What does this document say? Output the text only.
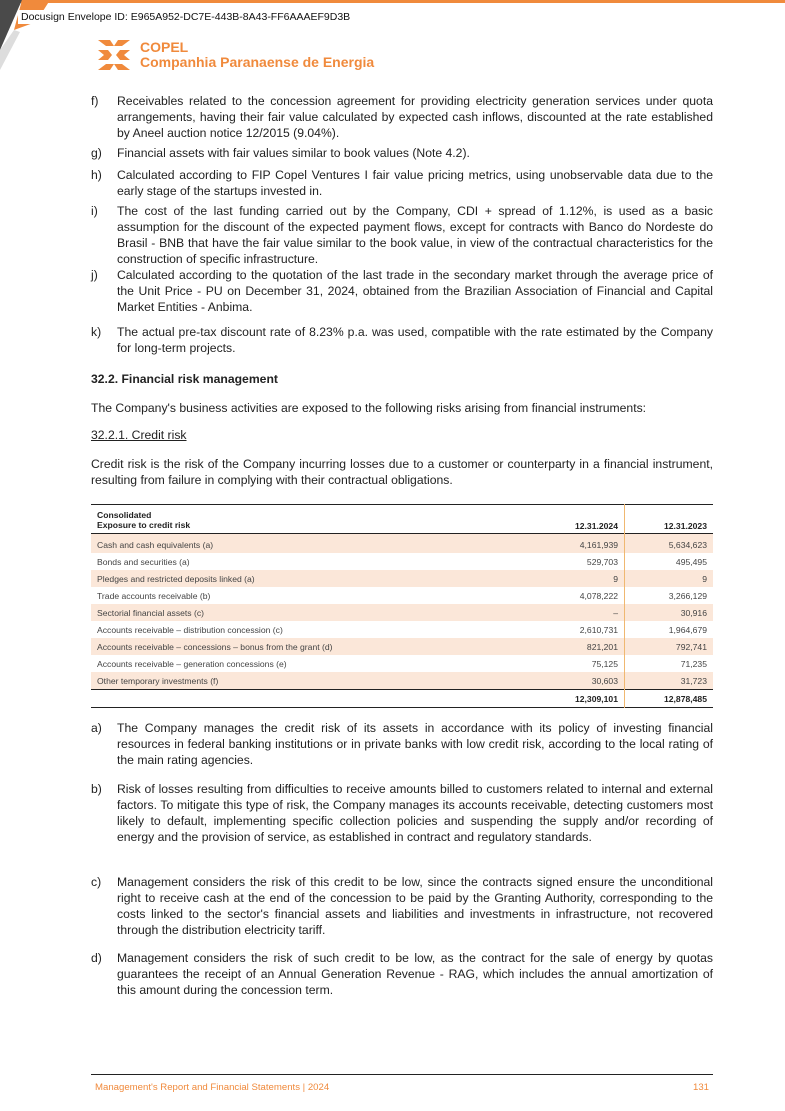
Docusign Envelope ID: E965A952-DC7E-443B-8A43-FF6AAAEF9D3B
COPEL
Companhia Paranaense de Energia
f) Receivables related to the concession agreement for providing electricity generation services under quota arrangements, having their fair value calculated by expected cash inflows, discounted at the rate established by Aneel auction notice 12/2015 (9.04%).
g) Financial assets with fair values similar to book values (Note 4.2).
h) Calculated according to FIP Copel Ventures I fair value pricing metrics, using unobservable data due to the early stage of the startups invested in.
i) The cost of the last funding carried out by the Company, CDI + spread of 1.12%, is used as a basic assumption for the discount of the expected payment flows, except for contracts with Banco do Nordeste do Brasil - BNB that have the fair value similar to the book value, in view of the contractual characteristics for the construction of specific infrastructure.
j) Calculated according to the quotation of the last trade in the secondary market through the average price of the Unit Price - PU on December 31, 2024, obtained from the Brazilian Association of Financial and Capital Market Entities - Anbima.
k) The actual pre-tax discount rate of 8.23% p.a. was used, compatible with the rate estimated by the Company for long-term projects.
32.2. Financial risk management
The Company's business activities are exposed to the following risks arising from financial instruments:
32.2.1. Credit risk
Credit risk is the risk of the Company incurring losses due to a customer or counterparty in a financial instrument, resulting from failure in complying with their contractual obligations.
Consolidated
Exposure to credit risk	12.31.2024	12.31.2023
Cash and cash equivalents (a)	4,161,939	5,634,623
Bonds and securities (a)	529,703	495,495
Pledges and restricted deposits linked (a)	9	9
Trade accounts receivable (b)	4,078,222	3,266,129
Sectorial financial assets (c)	–	30,916
Accounts receivable – distribution concession (c)	2,610,731	1,964,679
Accounts receivable – concessions – bonus from the grant (d)	821,201	792,741
Accounts receivable – generation concessions (e)	75,125	71,235
Other temporary investments (f)	30,603	31,723
	12,309,101	12,878,485
a) The Company manages the credit risk of its assets in accordance with its policy of investing financial resources in federal banking institutions or in private banks with low credit risk, according to the local rating of the main rating agencies.
b) Risk of losses resulting from difficulties to receive amounts billed to customers related to internal and external factors. To mitigate this type of risk, the Company manages its accounts receivable, detecting customers most likely to default, implementing specific collection policies and suspending the supply and/or recording of energy and the provision of service, as established in contract and regulatory standards.
c) Management considers the risk of this credit to be low, since the contracts signed ensure the unconditional right to receive cash at the end of the concession to be paid by the Granting Authority, corresponding to the costs linked to the sector's financial assets and liabilities and investments in infrastructure, not recovered through the distribution electricity tariff.
d) Management considers the risk of such credit to be low, as the contract for the sale of energy by quotas guarantees the receipt of an Annual Generation Revenue - RAG, which includes the annual amortization of this amount during the concession term.
Management's Report and Financial Statements | 2024	131
